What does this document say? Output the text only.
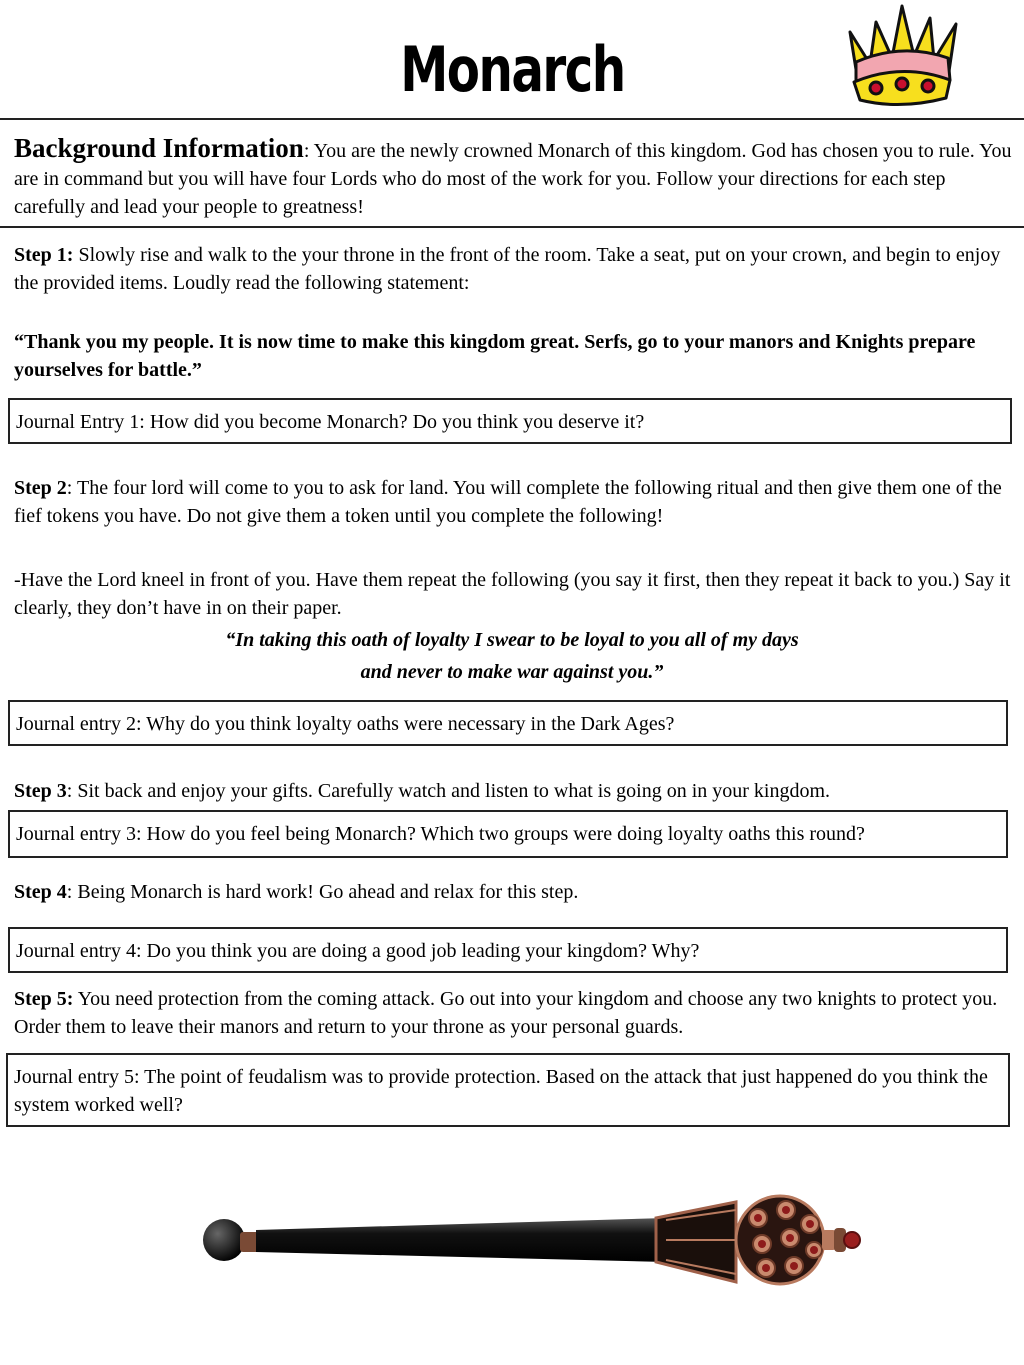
Monarch

Background Information: You are the newly crowned Monarch of this kingdom. God has chosen you to rule. You are in command but you will have four Lords who do most of the work for you. Follow your directions for each step carefully and lead your people to greatness!

Step 1: Slowly rise and walk to the your throne in the front of the room. Take a seat, put on your crown, and begin to enjoy the provided items. Loudly read the following statement:

“Thank you my people. It is now time to make this kingdom great. Serfs, go to your manors and Knights prepare yourselves for battle.”

Journal Entry 1: How did you become Monarch? Do you think you deserve it?

Step 2: The four lord will come to you to ask for land. You will complete the following ritual and then give them one of the fief tokens you have. Do not give them a token until you complete the following!

-Have the Lord kneel in front of you. Have them repeat the following (you say it first, then they repeat it back to you.) Say it clearly, they don’t have in on their paper.

“In taking this oath of loyalty I swear to be loyal to you all of my days

and never to make war against you.”

Journal entry 2: Why do you think loyalty oaths were necessary in the Dark Ages?

Step 3: Sit back and enjoy your gifts. Carefully watch and listen to what is going on in your kingdom.

Journal entry 3: How do you feel being Monarch? Which two groups were doing loyalty oaths this round?

Step 4: Being Monarch is hard work! Go ahead and relax for this step.

Journal entry 4: Do you think you are doing a good job leading your kingdom? Why?

Step 5: You need protection from the coming attack. Go out into your kingdom and choose any two knights to protect you. Order them to leave their manors and return to your throne as your personal guards.

Journal entry 5: The point of feudalism was to provide protection. Based on the attack that just happened do you think the system worked well?
